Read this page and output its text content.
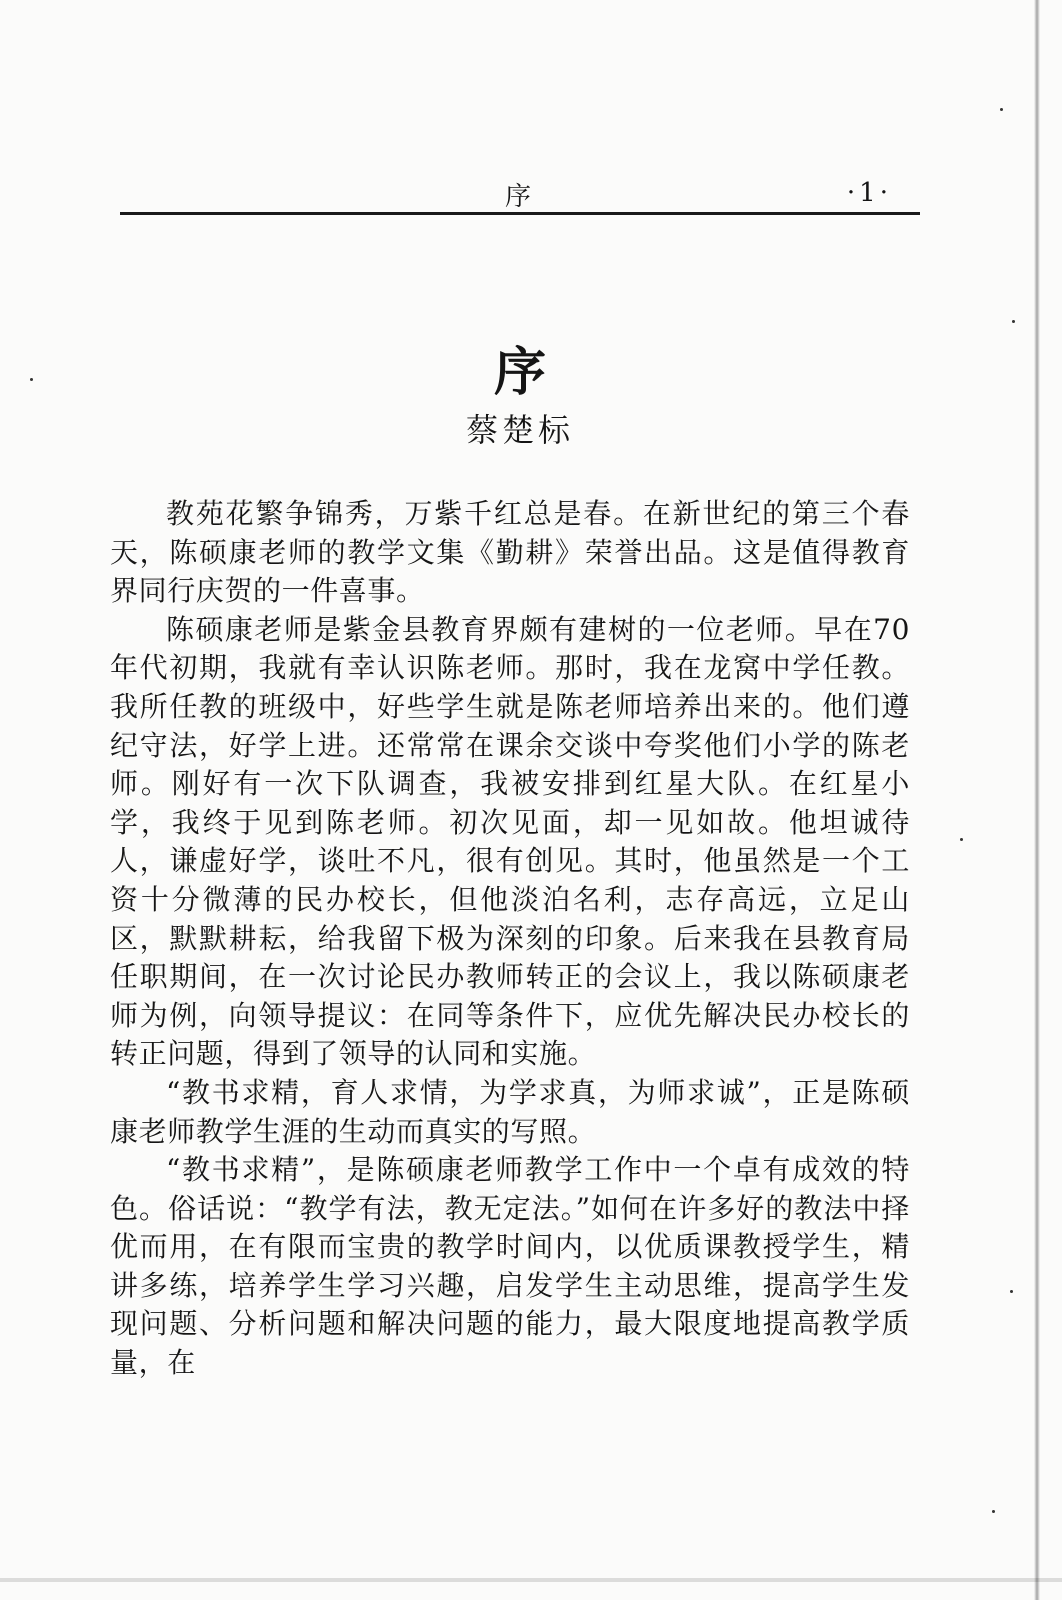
序	·1·
序
蔡楚标

教苑花繁争锦秀，万紫千红总是春。在新世纪的第三个春天，陈硕康老师的教学文集《勤耕》荣誉出品。这是值得教育界同行庆贺的一件喜事。

陈硕康老师是紫金县教育界颇有建树的一位老师。早在70年代初期，我就有幸认识陈老师。那时，我在龙窝中学任教。我所任教的班级中，好些学生就是陈老师培养出来的。他们遵纪守法，好学上进。还常常在课余交谈中夸奖他们小学的陈老师。刚好有一次下队调查，我被安排到红星大队。在红星小学，我终于见到陈老师。初次见面，却一见如故。他坦诚待人，谦虚好学，谈吐不凡，很有创见。其时，他虽然是一个工资十分微薄的民办校长，但他淡泊名利，志存高远，立足山区，默默耕耘，给我留下极为深刻的印象。后来我在县教育局任职期间，在一次讨论民办教师转正的会议上，我以陈硕康老师为例，向领导提议：在同等条件下，应优先解决民办校长的转正问题，得到了领导的认同和实施。

“教书求精，育人求情，为学求真，为师求诚”，正是陈硕康老师教学生涯的生动而真实的写照。

“教书求精”，是陈硕康老师教学工作中一个卓有成效的特色。俗话说：“教学有法，教无定法。”如何在许多好的教法中择优而用，在有限而宝贵的教学时间内，以优质课教授学生，精讲多练，培养学生学习兴趣，启发学生主动思维，提高学生发现问题、分析问题和解决问题的能力，最大限度地提高教学质量，在
